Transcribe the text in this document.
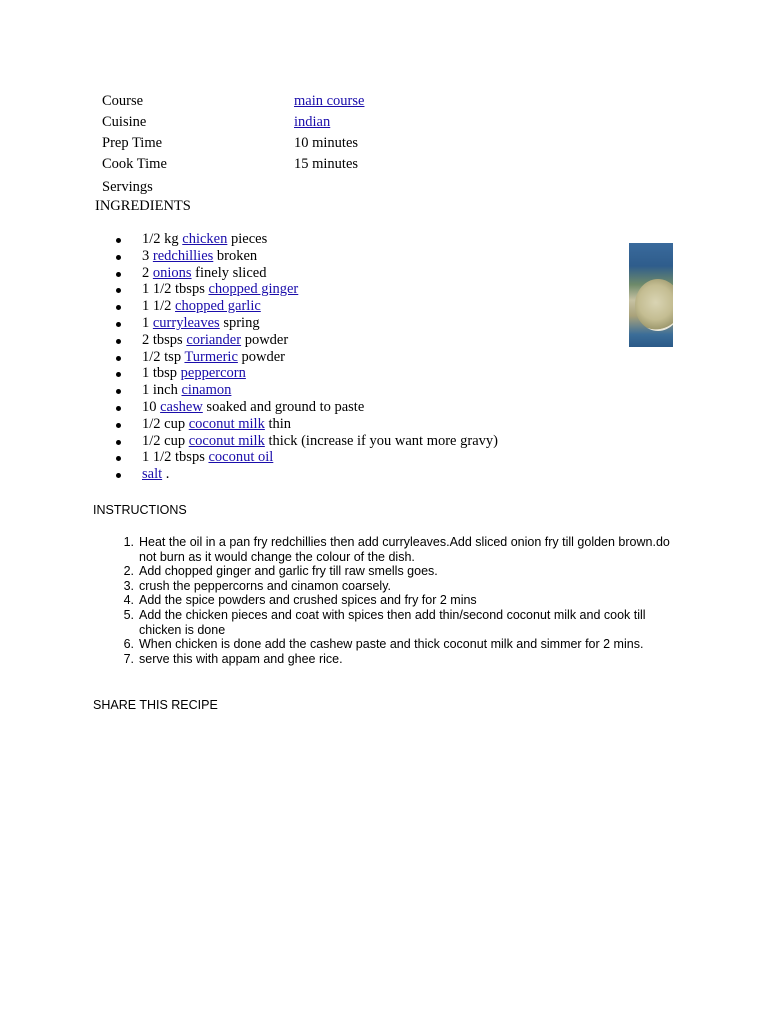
Course	main course
Cuisine	indian
Prep Time	10 minutes
Cook Time	15 minutes
Servings
INGREDIENTS
1/2 kg chicken pieces
3 redchillies broken
2 onions finely sliced
1 1/2 tbsps chopped ginger
1 1/2 chopped garlic
1 curryleaves spring
2 tbsps coriander powder
1/2 tsp Turmeric powder
1 tbsp peppercorn
1 inch cinamon
10 cashew soaked and ground to paste
1/2 cup coconut milk thin
1/2 cup coconut milk thick (increase if you want more gravy)
1 1/2 tbsps coconut oil
salt .
INSTRUCTIONS
1. Heat the oil in a pan fry redchillies then add curryleaves.Add sliced onion fry till golden brown.do not burn as it would change the colour of the dish.
2. Add chopped ginger and garlic fry till raw smells goes.
3. crush the peppercorns and cinamon coarsely.
4. Add the spice powders and crushed spices and fry for 2 mins
5. Add the chicken pieces and coat with spices then add thin/second coconut milk and cook till chicken is done
6. When chicken is done add the cashew paste and thick coconut milk and simmer for 2 mins.
7. serve this with appam and ghee rice.
SHARE THIS RECIPE
